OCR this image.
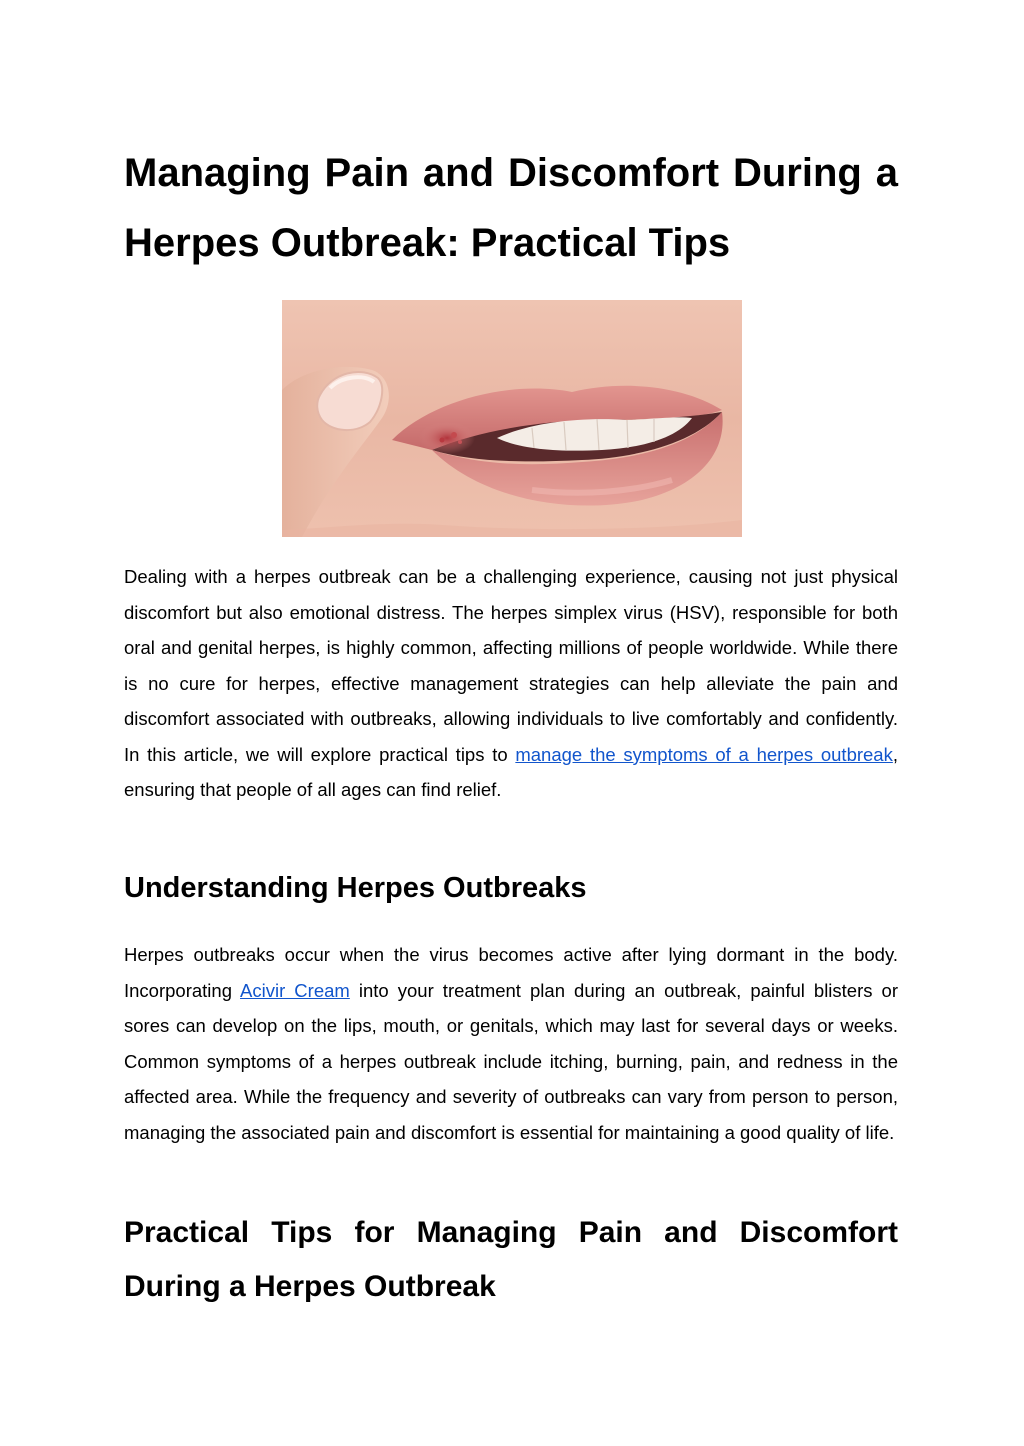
Managing Pain and Discomfort During a Herpes Outbreak: Practical Tips

Dealing with a herpes outbreak can be a challenging experience, causing not just physical discomfort but also emotional distress. The herpes simplex virus (HSV), responsible for both oral and genital herpes, is highly common, affecting millions of people worldwide. While there is no cure for herpes, effective management strategies can help alleviate the pain and discomfort associated with outbreaks, allowing individuals to live comfortably and confidently. In this article, we will explore practical tips to manage the symptoms of a herpes outbreak, ensuring that people of all ages can find relief.

Understanding Herpes Outbreaks

Herpes outbreaks occur when the virus becomes active after lying dormant in the body. Incorporating Acivir Cream into your treatment plan during an outbreak, painful blisters or sores can develop on the lips, mouth, or genitals, which may last for several days or weeks. Common symptoms of a herpes outbreak include itching, burning, pain, and redness in the affected area. While the frequency and severity of outbreaks can vary from person to person, managing the associated pain and discomfort is essential for maintaining a good quality of life.

Practical Tips for Managing Pain and Discomfort During a Herpes Outbreak
